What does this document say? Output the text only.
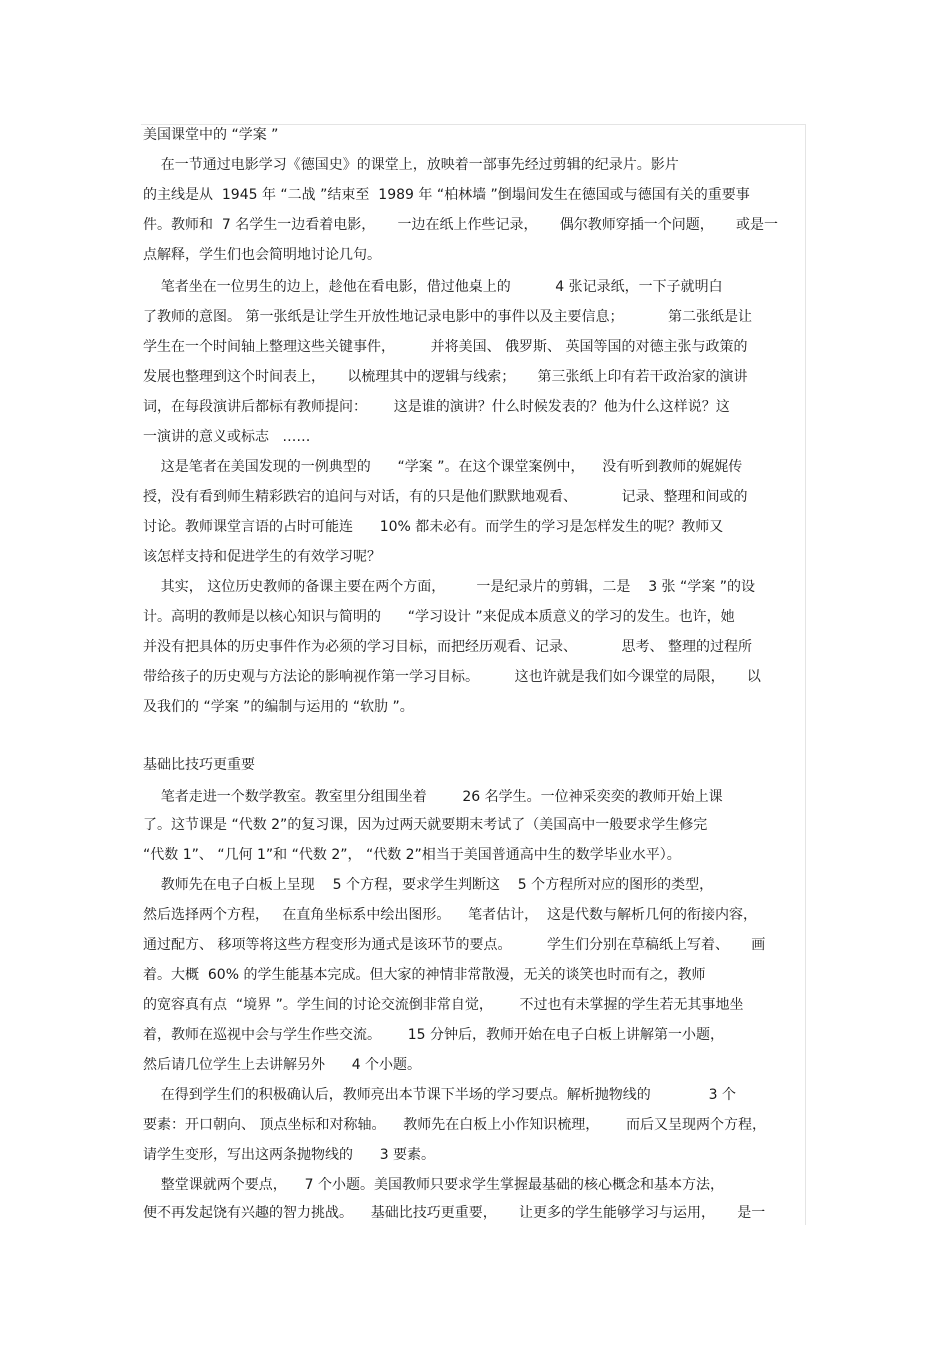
美国课堂中的 “学案 ”
在一节通过电影学习《德国史》的课堂上，放映着一部事先经过剪辑的纪录片。影片
的主线是从  1945 年 “二战 ”结束至  1989 年 “柏林墙 ”倒塌间发生在德国或与德国有关的重要事
件。教师和  7 名学生一边看着电影，     一边在纸上作些记录，     偶尔教师穿插一个问题，     或是一
点解释，学生们也会简明地讨论几句。
笔者坐在一位男生的边上，趁他在看电影，借过他桌上的          4 张记录纸，一下子就明白
了教师的意图。 第一张纸是让学生开放性地记录电影中的事件以及主要信息；          第二张纸是让
学生在一个时间轴上整理这些关键事件，        并将美国、 俄罗斯、 英国等国的对德主张与政策的
发展也整理到这个时间表上，     以梳理其中的逻辑与线索；     第三张纸上印有若干政治家的演讲
词，在每段演讲后都标有教师提问：      这是谁的演讲？什么时候发表的？他为什么这样说？这
一演讲的意义或标志   ……
这是笔者在美国发现的一例典型的      “学案 ”。在这个课堂案例中，    没有听到教师的娓娓传
授，没有看到师生精彩跌宕的追问与对话，有的只是他们默默地观看、          记录、整理和间或的
讨论。教师课堂言语的占时可能连      10% 都未必有。而学生的学习是怎样发生的呢？教师又
该怎样支持和促进学生的有效学习呢？
其实， 这位历史教师的备课主要在两个方面，       一是纪录片的剪辑，二是    3 张 “学案 ”的设
计。高明的教师是以核心知识与简明的      “学习设计 ”来促成本质意义的学习的发生。也许，她
并没有把具体的历史事件作为必须的学习目标，而把经历观看、记录、          思考、 整理的过程所
带给孩子的历史观与方法论的影响视作第一学习目标。        这也许就是我们如今课堂的局限，     以
及我们的 “学案 ”的编制与运用的 “软肋 ”。
基础比技巧更重要
笔者走进一个数学教室。教室里分组围坐着        26 名学生。一位神采奕奕的教师开始上课
了。这节课是 “代数 2”的复习课，因为过两天就要期末考试了（美国高中一般要求学生修完
“代数 1”、 “几何 1”和 “代数 2”， “代数 2”相当于美国普通高中生的数学毕业水平）。
教师先在电子白板上呈现    5 个方程，要求学生判断这    5 个方程所对应的图形的类型，
然后选择两个方程，   在直角坐标系中绘出图形。    笔者估计，  这是代数与解析几何的衔接内容，
通过配方、 移项等将这些方程变形为通式是该环节的要点。        学生们分别在草稿纸上写着、     画
着。大概  60% 的学生能基本完成。但大家的神情非常散漫，无关的谈笑也时而有之，教师
的宽容真有点  “境界 ”。学生间的讨论交流倒非常自觉，      不过也有未掌握的学生若无其事地坐
着，教师在巡视中会与学生作些交流。      15 分钟后，教师开始在电子白板上讲解第一小题，
然后请几位学生上去讲解另外      4 个小题。
在得到学生们的积极确认后，教师亮出本节课下半场的学习要点。解析抛物线的             3 个
要素：开口朝向、 顶点坐标和对称轴。    教师先在白板上小作知识梳理，      而后又呈现两个方程，
请学生变形，写出这两条抛物线的      3 要素。
整堂课就两个要点，    7 个小题。美国教师只要求学生掌握最基础的核心概念和基本方法，
便不再发起饶有兴趣的智力挑战。    基础比技巧更重要，     让更多的学生能够学习与运用，     是一
